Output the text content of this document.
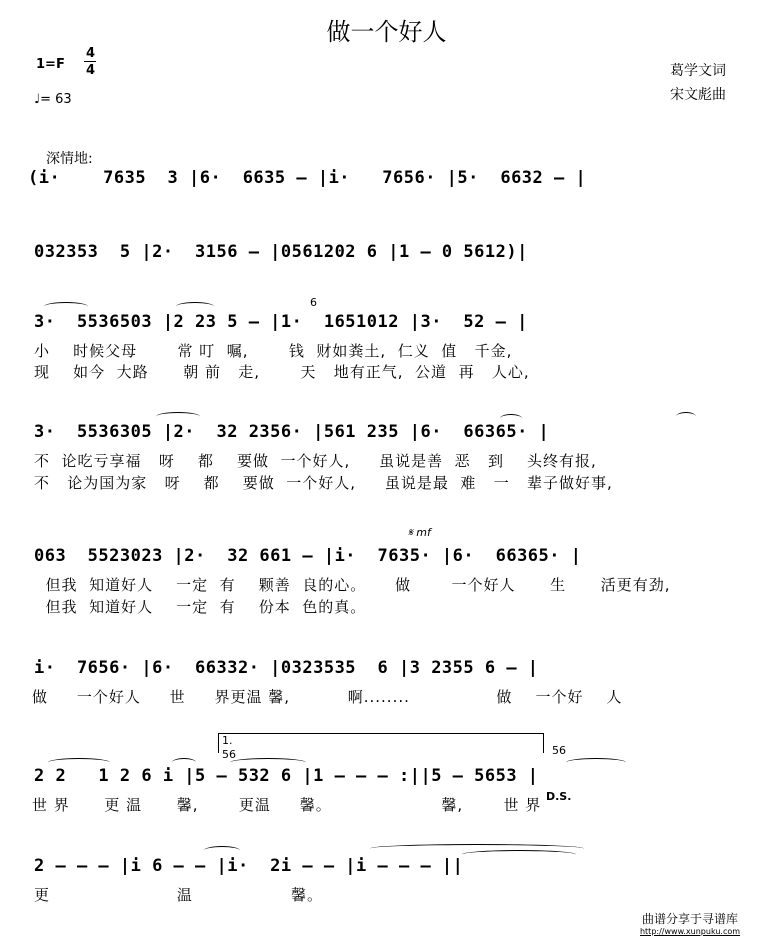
做一个好人
1=F
4
4
♩= 63
葛学文词
宋文彪曲
深情地:
(i·    7635  3 |6·  6635 – |i·   7656· |5·  6632 – |
032353  5 |2·  3156 – |0561202 6 |1 – 0 5612)|
6
3·  5536503 |2 23 5 – |1·  1651012 |3·  52 – |
小    时候父母       常 叮  嘱,       钱  财如粪土,  仁义  值   千金,
现    如今  大路      朝 前   走,       天   地有正气,  公道  再   人心,
3·  5536305 |2·  32 2356· |561 235 |6·  66365· |
不  论吃亏享福   呀    都    要做  一个好人,     虽说是善  恶   到    头终有报,
不   论为国为家   呀    都    要做  一个好人,     虽说是最  难   一   辈子做好事,
𝄋 mf
063  5523023 |2·  32 661 – |i·  7635· |6·  66365· |
但我  知道好人    一定  有    颗善  良的心。     做       一个好人      生      活更有劲,
但我  知道好人    一定  有    份本  色的真。
i·  7656· |6·  66332· |0323535  6 |3 2355 6 – |
做     一个好人     世     界更温 馨,          啊........               做    一个好    人
1.
56	56
2 2   1 2 6 i |5 – 532 6 |1 – – – :||5 – 5653 |
D.S.
世 界      更 温      馨,       更温     馨。                   馨,       世 界
2 – – – |i 6 – – |i·  2i – – |i – – – ||
更                      温                 馨。
曲谱分享于寻谱库
http://www.xunpuku.com
